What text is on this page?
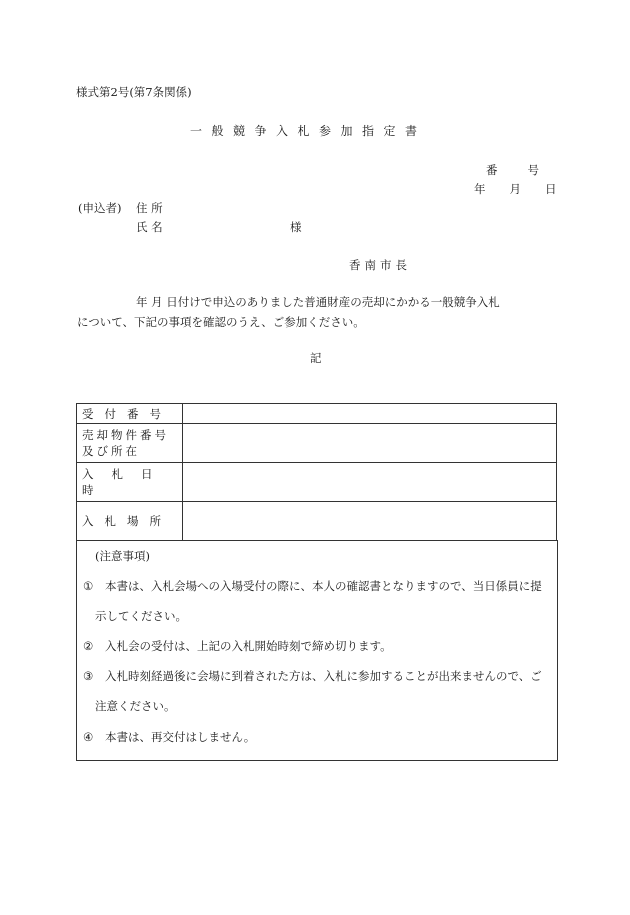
様式第2号(第7条関係)
一般競争入札参加指定書
番号
年 月 日
(申込者) 住 所
氏 名	様
香南市長
年 月 日付けで申込のありました普通財産の売却にかかる一般競争入札
について、下記の事項を確認のうえ、ご参加ください。
記
受付番号	

売却物件番号
及び所在	

入札日時	
入札場所	
(注意事項)
① 本書は、入札会場への入場受付の際に、本人の確認書となりますので、当日係員に提
示してください。
② 入札会の受付は、上記の入札開始時刻で締め切ります。
③ 入札時刻経過後に会場に到着された方は、入札に参加することが出来ませんので、ご
注意ください。
④ 本書は、再交付はしません。
